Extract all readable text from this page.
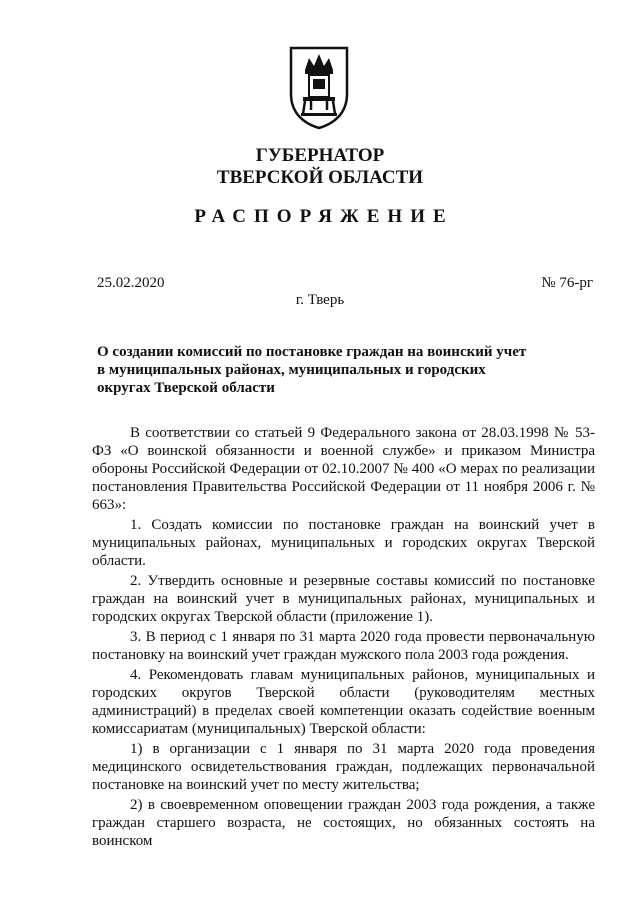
ГУБЕРНАТОР
ТВЕРСКОЙ ОБЛАСТИ
РАСПОРЯЖЕНИЕ
25.02.2020	№ 76-рг
г. Тверь
О создании комиссий по постановке граждан на воинский учет в муниципальных районах, муниципальных и городских округах Тверской области

В соответствии со статьей 9 Федерального закона от 28.03.1998 № 53-ФЗ «О воинской обязанности и военной службе» и приказом Министра обороны Российской Федерации от 02.10.2007 № 400 «О мерах по реализации постановления Правительства Российской Федерации от 11 ноября 2006 г. № 663»:

1. Создать комиссии по постановке граждан на воинский учет в муниципальных районах, муниципальных и городских округах Тверской области.

2. Утвердить основные и резервные составы комиссий по постановке граждан на воинский учет в муниципальных районах, муниципальных и городских округах Тверской области (приложение 1).

3. В период с 1 января по 31 марта 2020 года провести первоначальную постановку на воинский учет граждан мужского пола 2003 года рождения.

4. Рекомендовать главам муниципальных районов, муниципальных и городских округов Тверской области (руководителям местных администраций) в пределах своей компетенции оказать содействие военным комиссариатам (муниципальных) Тверской области:

1) в организации с 1 января по 31 марта 2020 года проведения медицинского освидетельствования граждан, подлежащих первоначальной постановке на воинский учет по месту жительства;

2) в своевременном оповещении граждан 2003 года рождения, а также граждан старшего возраста, не состоящих, но обязанных состоять на воинском
